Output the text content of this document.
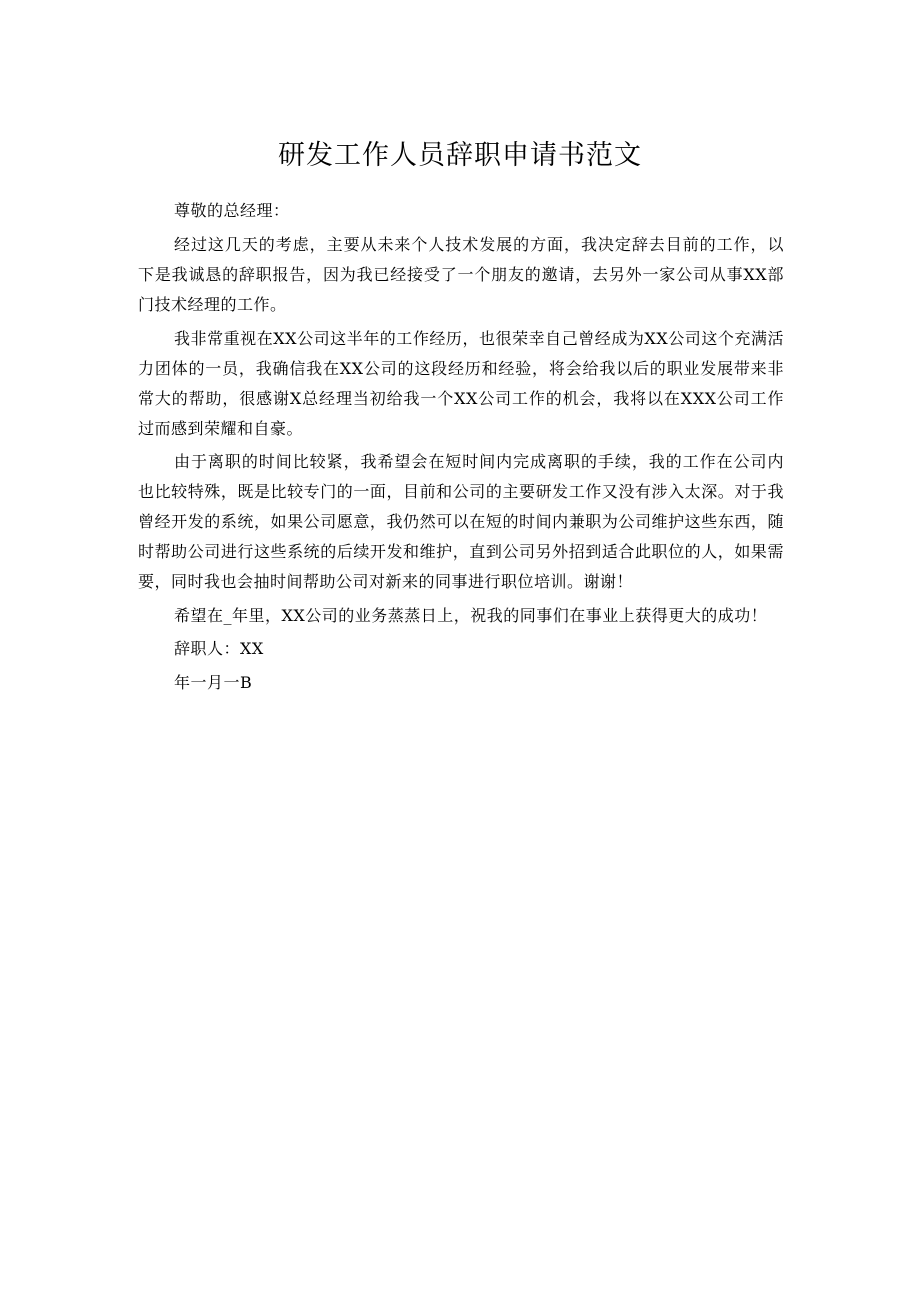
研发工作人员辞职申请书范文

尊敬的总经理：

经过这几天的考虑，主要从未来个人技术发展的方面，我决定辞去目前的工作，以下是我诚恳的辞职报告，因为我已经接受了一个朋友的邀请，去另外一家公司从事XX部门技术经理的工作。

我非常重视在XX公司这半年的工作经历，也很荣幸自己曾经成为XX公司这个充满活力团体的一员，我确信我在XX公司的这段经历和经验，将会给我以后的职业发展带来非常大的帮助，很感谢X总经理当初给我一个XX公司工作的机会，我将以在XXX公司工作过而感到荣耀和自豪。

由于离职的时间比较紧，我希望会在短时间内完成离职的手续，我的工作在公司内也比较特殊，既是比较专门的一面，目前和公司的主要研发工作又没有涉入太深。对于我曾经开发的系统，如果公司愿意，我仍然可以在短的时间内兼职为公司维护这些东西，随时帮助公司进行这些系统的后续开发和维护，直到公司另外招到适合此职位的人，如果需要，同时我也会抽时间帮助公司对新来的同事进行职位培训。谢谢！

希望在_年里，XX公司的业务蒸蒸日上，祝我的同事们在事业上获得更大的成功！

辞职人：XX

年一月一B
